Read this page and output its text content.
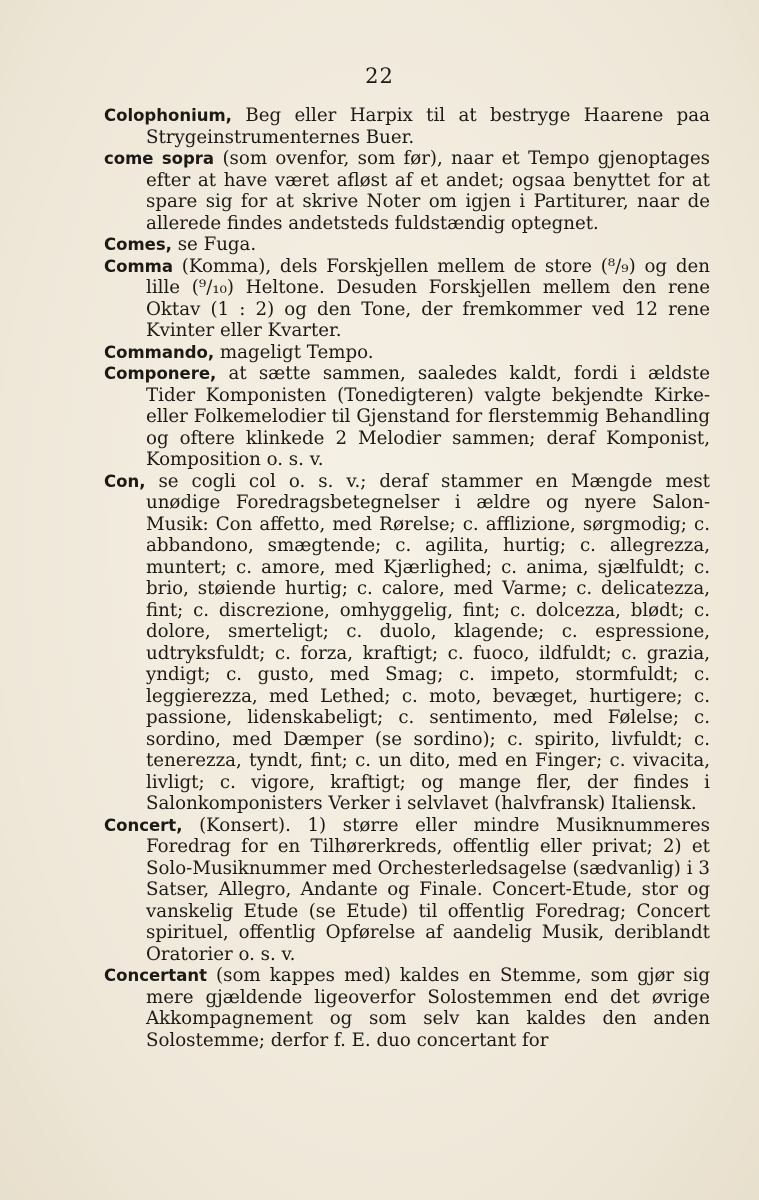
22

Colophonium, Beg eller Harpix til at bestryge Haarene paa Strygeinstrumenternes Buer.

come sopra (som ovenfor, som før), naar et Tempo gjenoptages efter at have været afløst af et andet; ogsaa benyttet for at spare sig for at skrive Noter om igjen i Partiturer, naar de allerede findes andetsteds fuldstændig optegnet.

Comes, se Fuga.

Comma (Komma), dels Forskjellen mellem de store (⁸/₉) og den lille (⁹/₁₀) Heltone. Desuden Forskjellen mellem den rene Oktav (1 : 2) og den Tone, der fremkommer ved 12 rene Kvinter eller Kvarter.

Commando, mageligt Tempo.

Componere, at sætte sammen, saaledes kaldt, fordi i ældste Tider Komponisten (Tonedigteren) valgte bekjendte Kirke- eller Folkemelodier til Gjenstand for flerstemmig Behandling og oftere klinkede 2 Melodier sammen; deraf Komponist, Komposition o. s. v.

Con, se cogli col o. s. v.; deraf stammer en Mængde mest unødige Foredragsbetegnelser i ældre og nyere Salon-Musik: Con affetto, med Rørelse; c. afflizione, sørgmodig; c. abbandono, smægtende; c. agilita, hurtig; c. allegrezza, muntert; c. amore, med Kjærlighed; c. anima, sjælfuldt; c. brio, støiende hurtig; c. calore, med Varme; c. delicatezza, fint; c. discrezione, omhyggelig, fint; c. dolcezza, blødt; c. dolore, smerteligt; c. duolo, klagende; c. espressione, udtryksfuldt; c. forza, kraftigt; c. fuoco, ildfuldt; c. grazia, yndigt; c. gusto, med Smag; c. impeto, stormfuldt; c. leggierezza, med Lethed; c. moto, bevæget, hurtigere; c. passione, lidenskabeligt; c. sentimento, med Følelse; c. sordino, med Dæmper (se sordino); c. spirito, livfuldt; c. tenerezza, tyndt, fint; c. un dito, med en Finger; c. vivacita, livligt; c. vigore, kraftigt; og mange fler, der findes i Salonkomponisters Verker i selvlavet (halvfransk) Italiensk.

Concert, (Konsert). 1) større eller mindre Musiknummeres Foredrag for en Tilhørerkreds, offentlig eller privat; 2) et Solo-Musiknummer med Orchesterledsagelse (sædvanlig) i 3 Satser, Allegro, Andante og Finale. Concert-Etude, stor og vanskelig Etude (se Etude) til offentlig Foredrag; Concert spirituel, offentlig Opførelse af aandelig Musik, deriblandt Oratorier o. s. v.

Concertant (som kappes med) kaldes en Stemme, som gjør sig mere gjældende ligeoverfor Solostemmen end det øvrige Akkompagnement og som selv kan kaldes den anden Solostemme; derfor f. E. duo concertant for
